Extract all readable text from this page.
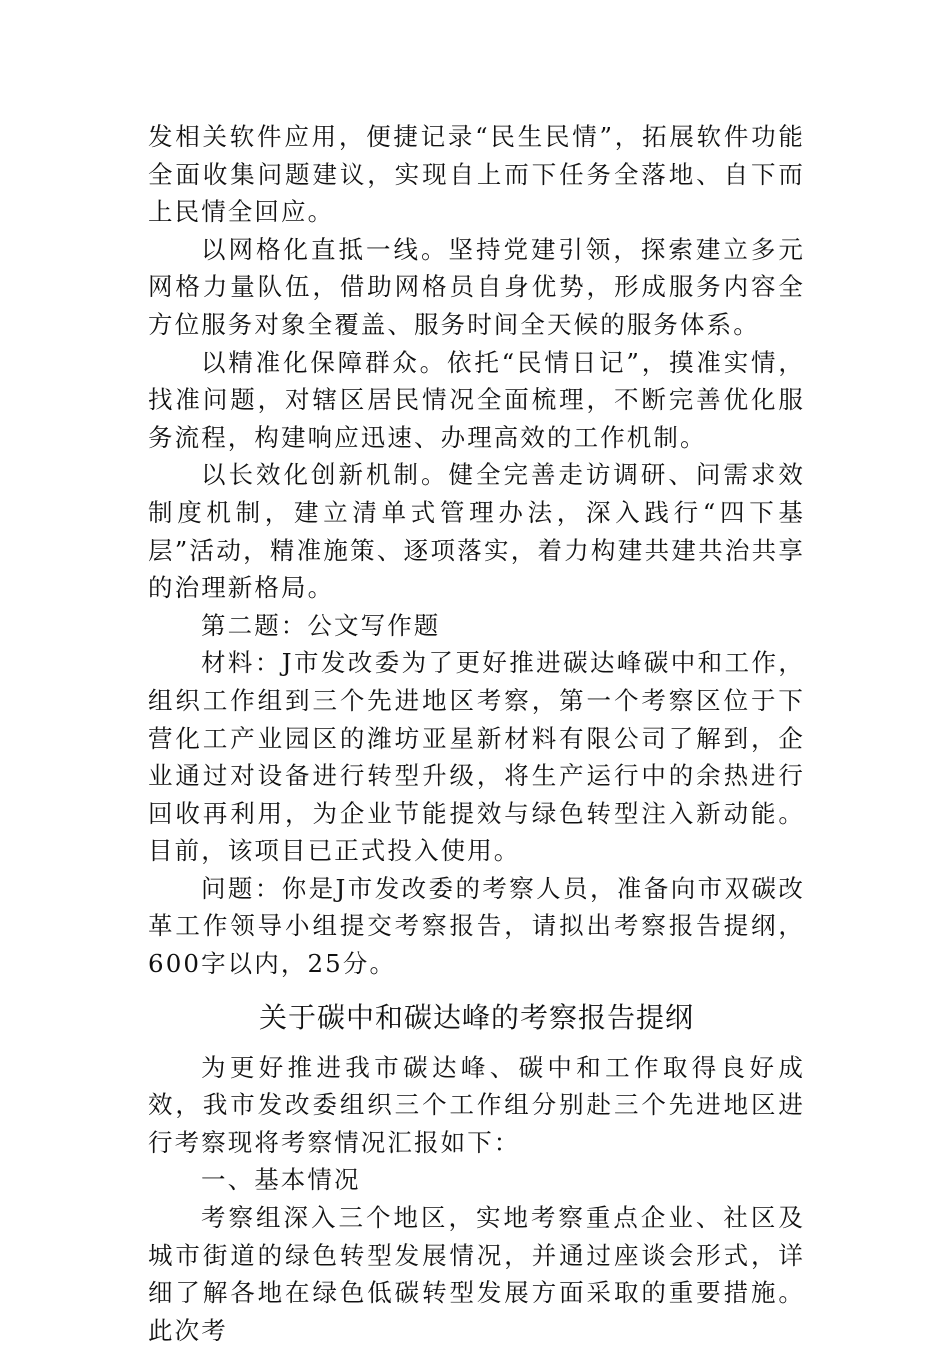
发相关软件应用，便捷记录“民生民情”，拓展软件功能全面收集问题建议，实现自上而下任务全落地、自下而上民情全回应。

以网格化直抵一线。坚持党建引领，探索建立多元网格力量队伍，借助网格员自身优势，形成服务内容全方位服务对象全覆盖、服务时间全天候的服务体系。

以精准化保障群众。依托“民情日记”，摸准实情，找准问题，对辖区居民情况全面梳理，不断完善优化服务流程，构建响应迅速、办理高效的工作机制。

以长效化创新机制。健全完善走访调研、问需求效制度机制，建立清单式管理办法，深入践行“四下基层”活动，精准施策、逐项落实，着力构建共建共治共享的治理新格局。

第二题：公文写作题

材料：J市发改委为了更好推进碳达峰碳中和工作，组织工作组到三个先进地区考察，第一个考察区位于下营化工产业园区的潍坊亚星新材料有限公司了解到，企业通过对设备进行转型升级，将生产运行中的余热进行回收再利用，为企业节能提效与绿色转型注入新动能。目前，该项目已正式投入使用。

问题：你是J市发改委的考察人员，准备向市双碳改革工作领导小组提交考察报告，请拟出考察报告提纲，600字以内，25分。

关于碳中和碳达峰的考察报告提纲

为更好推进我市碳达峰、碳中和工作取得良好成效，我市发改委组织三个工作组分别赴三个先进地区进行考察现将考察情况汇报如下：

一、基本情况

考察组深入三个地区，实地考察重点企业、社区及城市街道的绿色转型发展情况，并通过座谈会形式，详细了解各地在绿色低碳转型发展方面采取的重要措施。此次考
